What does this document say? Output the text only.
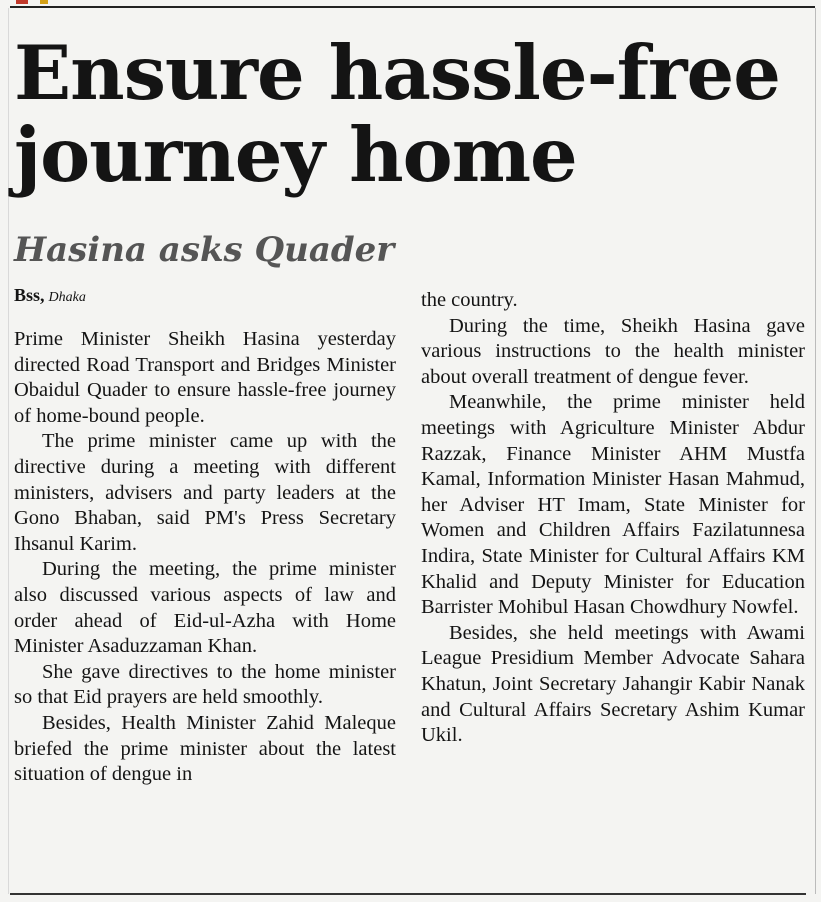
Ensure hassle-free journey home
Hasina asks Quader
Bss, Dhaka

Prime Minister Sheikh Hasina yesterday directed Road Transport and Bridges Minister Obaidul Quader to ensure hassle-free journey of home-bound people.

The prime minister came up with the directive during a meeting with different ministers, advisers and party leaders at the Gono Bhaban, said PM's Press Secretary Ihsanul Karim.

During the meeting, the prime minister also discussed various aspects of law and order ahead of Eid-ul-Azha with Home Minister Asaduzzaman Khan.

She gave directives to the home minister so that Eid prayers are held smoothly.

Besides, Health Minister Zahid Maleque briefed the prime minister about the latest situation of dengue in

the country.

During the time, Sheikh Hasina gave various instructions to the health minister about overall treatment of dengue fever.

Meanwhile, the prime minister held meetings with Agriculture Minister Abdur Razzak, Finance Minister AHM Mustfa Kamal, Information Minister Hasan Mahmud, her Adviser HT Imam, State Minister for Women and Children Affairs Fazilatunnesa Indira, State Minister for Cultural Affairs KM Khalid and Deputy Minister for Education Barrister Mohibul Hasan Chowdhury Nowfel.

Besides, she held meetings with Awami League Presidium Member Advocate Sahara Khatun, Joint Secretary Jahangir Kabir Nanak and Cultural Affairs Secretary Ashim Kumar Ukil.
